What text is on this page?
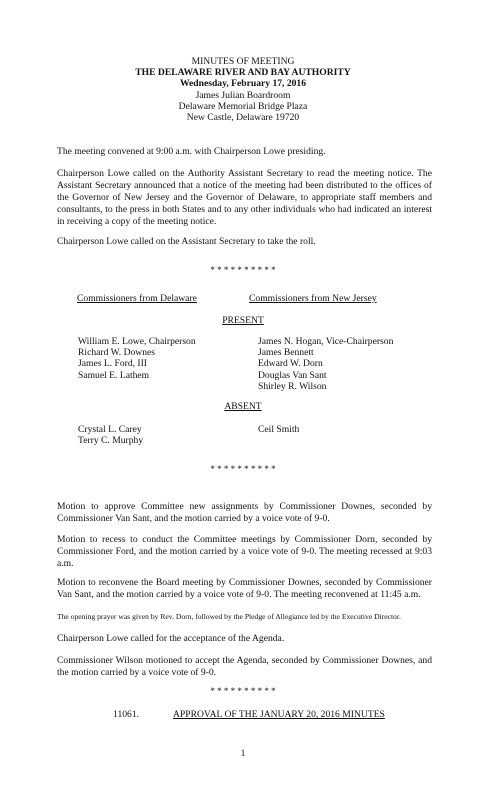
MINUTES OF MEETING
THE DELAWARE RIVER AND BAY AUTHORITY
Wednesday, February 17, 2016
James Julian Boardroom
Delaware Memorial Bridge Plaza
New Castle, Delaware 19720
The meeting convened at 9:00 a.m. with Chairperson Lowe presiding.
Chairperson Lowe called on the Authority Assistant Secretary to read the meeting notice. The Assistant Secretary announced that a notice of the meeting had been distributed to the offices of the Governor of New Jersey and the Governor of Delaware, to appropriate staff members and consultants, to the press in both States and to any other individuals who had indicated an interest in receiving a copy of the meeting notice.
Chairperson Lowe called on the Assistant Secretary to take the roll.
* * * * * * * * * *
Commissioners from Delaware	Commissioners from New Jersey
PRESENT
William E. Lowe, Chairperson
Richard W. Downes
James L. Ford, III
Samuel E. Lathem
James N. Hogan, Vice-Chairperson
James Bennett
Edward W. Dorn
Douglas Van Sant
Shirley R. Wilson
ABSENT
Crystal L. Carey
Terry C. Murphy
Ceil Smith
* * * * * * * * * *
Motion to approve Committee new assignments by Commissioner Downes, seconded by Commissioner Van Sant, and the motion carried by a voice vote of 9-0.
Motion to recess to conduct the Committee meetings by Commissioner Dorn, seconded by Commissioner Ford, and the motion carried by a voice vote of 9-0. The meeting recessed at 9:03 a.m.
Motion to reconvene the Board meeting by Commissioner Downes, seconded by Commissioner Van Sant, and the motion carried by a voice vote of 9-0. The meeting reconvened at 11:45 a.m.
The opening prayer was given by Rev. Dorn, followed by the Pledge of Allegiance led by the Executive Director.
Chairperson Lowe called for the acceptance of the Agenda.
Commissioner Wilson motioned to accept the Agenda, seconded by Commissioner Downes, and the motion carried by a voice vote of 9-0.
* * * * * * * * * *
11061.	APPROVAL OF THE JANUARY 20, 2016 MINUTES
1
